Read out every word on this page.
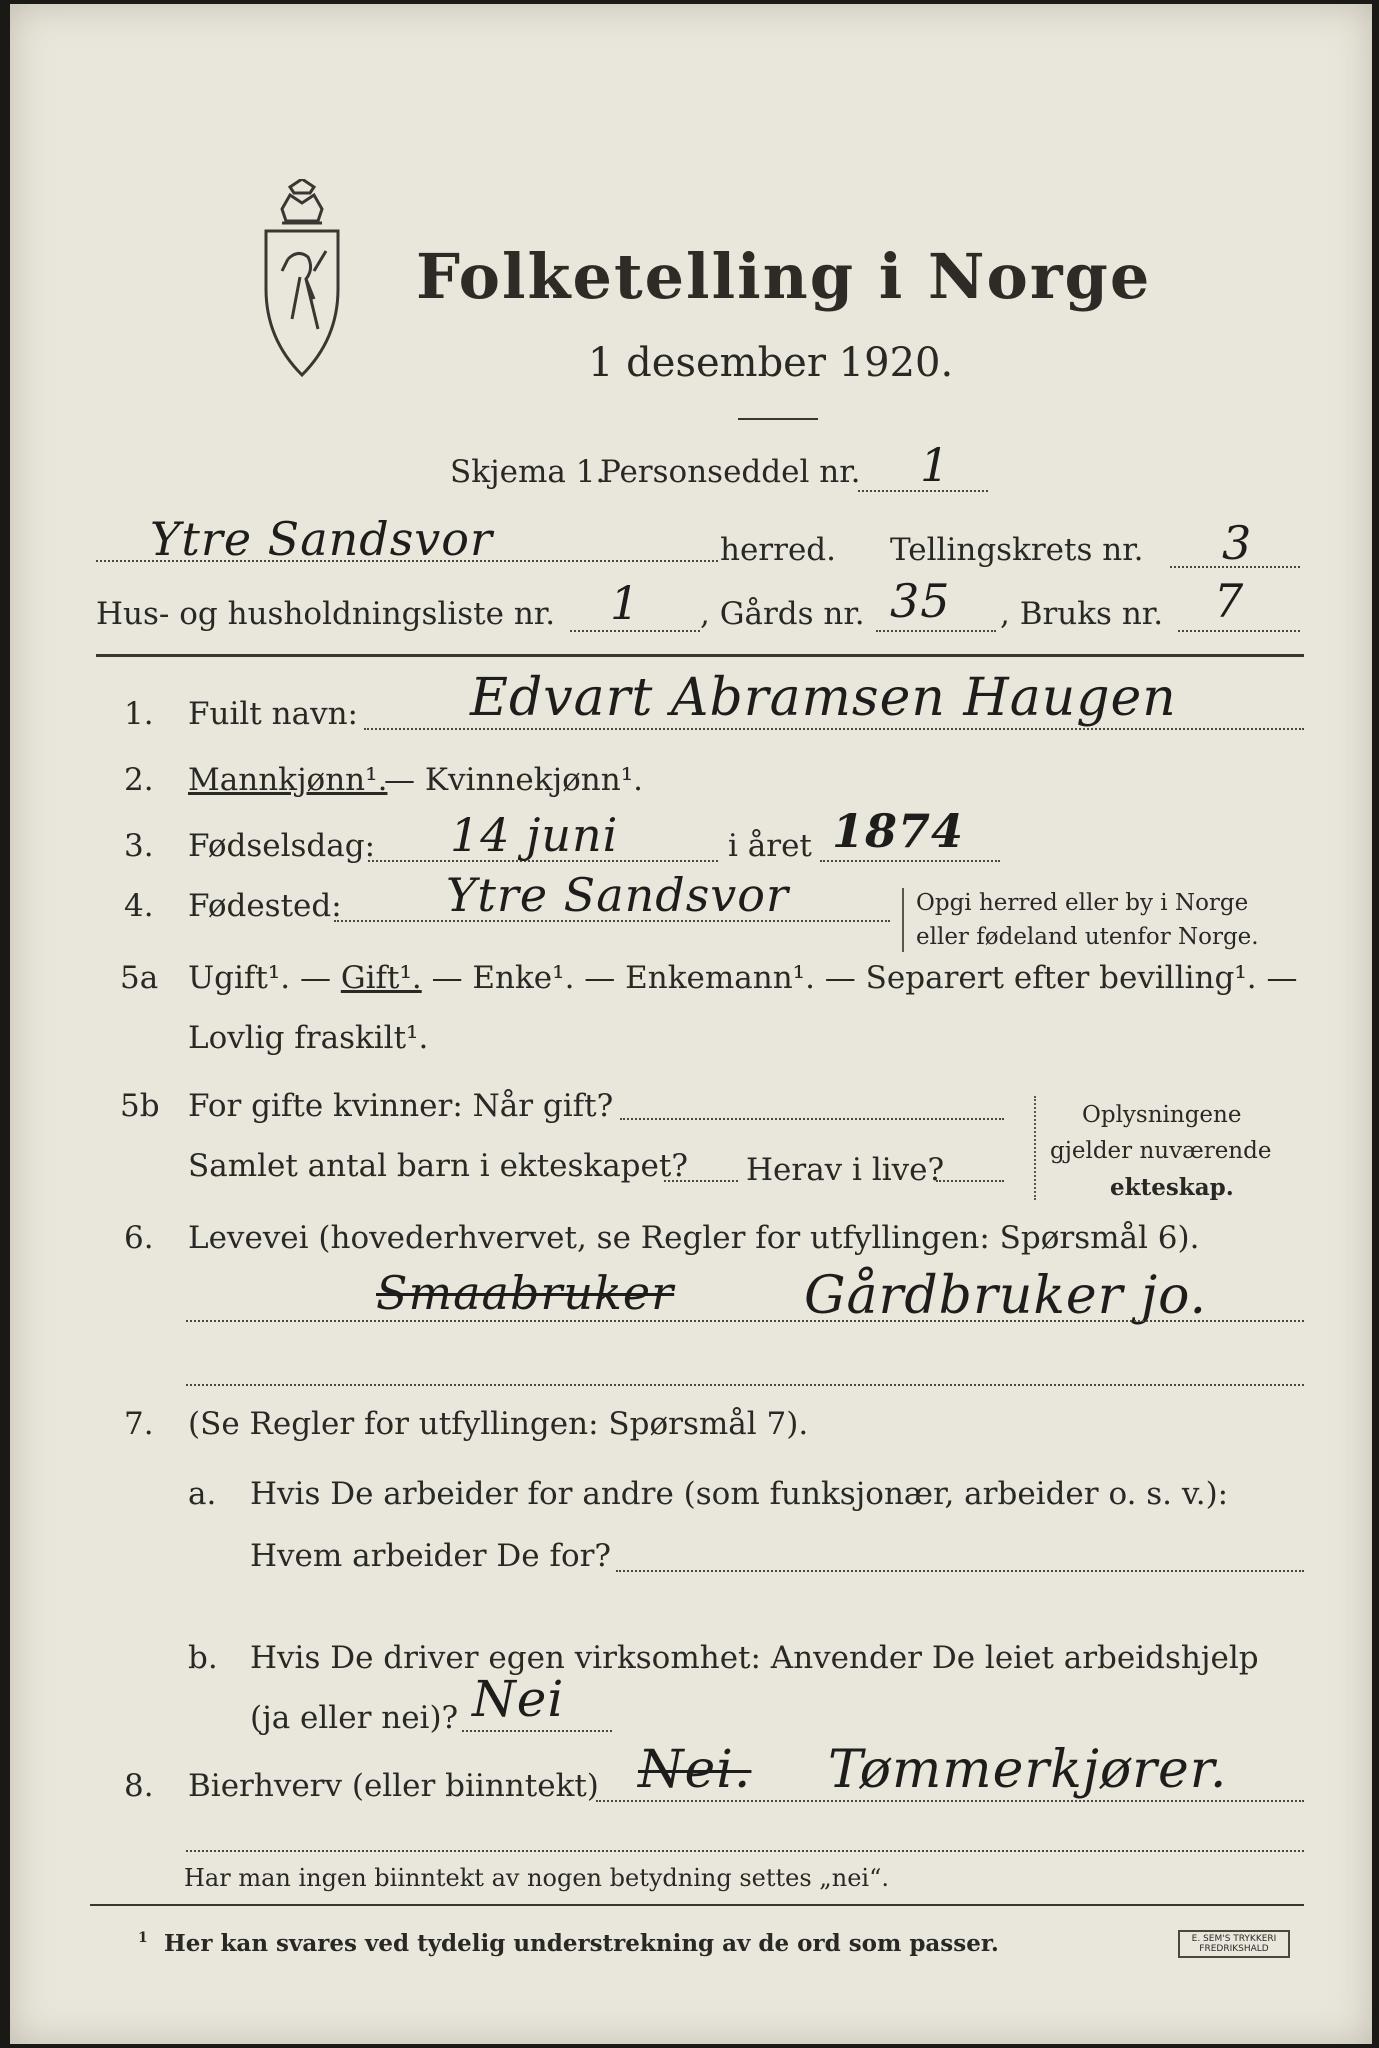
Folketelling i Norge
1 desember 1920.
Skjema 1.
Personseddel nr. 1
Ytre Sandsvor	herred. Tellingskrets nr. 3
Hus- og husholdningsliste nr. 1 , Gårds nr. 35 , Bruks nr. 7
1. Fuilt navn: Edvart Abramsen Haugen
2. Mannkjønn¹.
— Kvinnekjønn¹.
3. Fødselsdag: 14 juni	i året 1874
4. Fødested: Ytre Sandsvor	Opgi herred eller by i Norge
eller fødeland utenfor Norge.
5a Ugift¹. — Gift¹. — Enke¹. — Enkemann¹. — Separert efter bevilling¹. —
Lovlig fraskilt¹.
5b For gifte kvinner: Når gift?
Samlet antal barn i ekteskapet? Herav i live?
Oplysningene
gjelder nuværende
ekteskap.
6. Levevei (hovederhvervet, se Regler for utfyllingen: Spørsmål 6).
Smaabruker Gårdbruker jo.
7. (Se Regler for utfyllingen: Spørsmål 7).
a. Hvis De arbeider for andre (som funksjonær, arbeider o. s. v.):
Hvem arbeider De for?
b. Hvis De driver egen virksomhet: Anvender De leiet arbeidshjelp
(ja eller nei)? Nei
8. Bierhverv (eller biinntekt) Nei. Tømmerkjører.
Har man ingen biinntekt av nogen betydning settes „nei“.
1 Her kan svares ved tydelig understrekning av de ord som passer.	E. SEM'S TRYKKERI
FREDRIKSHALD
